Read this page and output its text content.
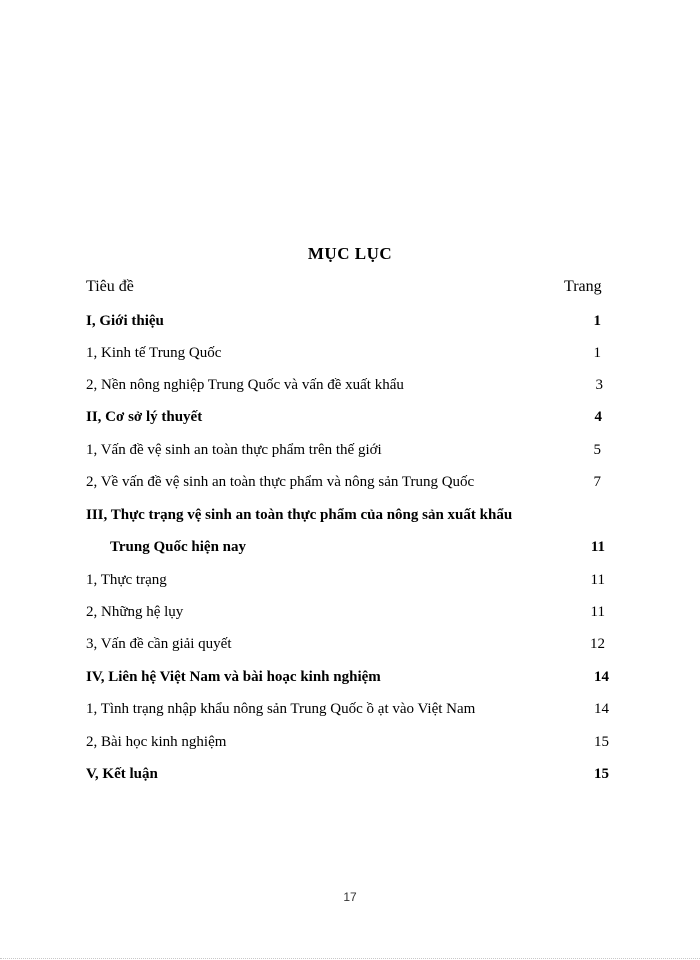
MỤC LỤC
Tiêu đề	Trang
I, Giới thiệu	1
1, Kinh tế Trung Quốc	1
2, Nền nông nghiệp Trung Quốc và vấn đề xuất khẩu	3
II, Cơ sở lý thuyết	4
1, Vấn đề vệ sinh an toàn thực phẩm trên thế giới	5
2, Về vấn đề vệ sinh an toàn thực phẩm và nông sản Trung Quốc	7
III, Thực trạng vệ sinh an toàn thực phẩm của nông sản xuất khẩu
Trung Quốc hiện nay	11
1, Thực trạng	11
2, Những hệ lụy	11
3, Vấn đề cần giải quyết	12
IV, Liên hệ Việt Nam và bài hoạc kinh nghiệm	14
1, Tình trạng nhập khẩu nông sản Trung Quốc ồ ạt vào Việt Nam	14
2, Bài học kinh nghiệm	15
V, Kết luận	15
17
